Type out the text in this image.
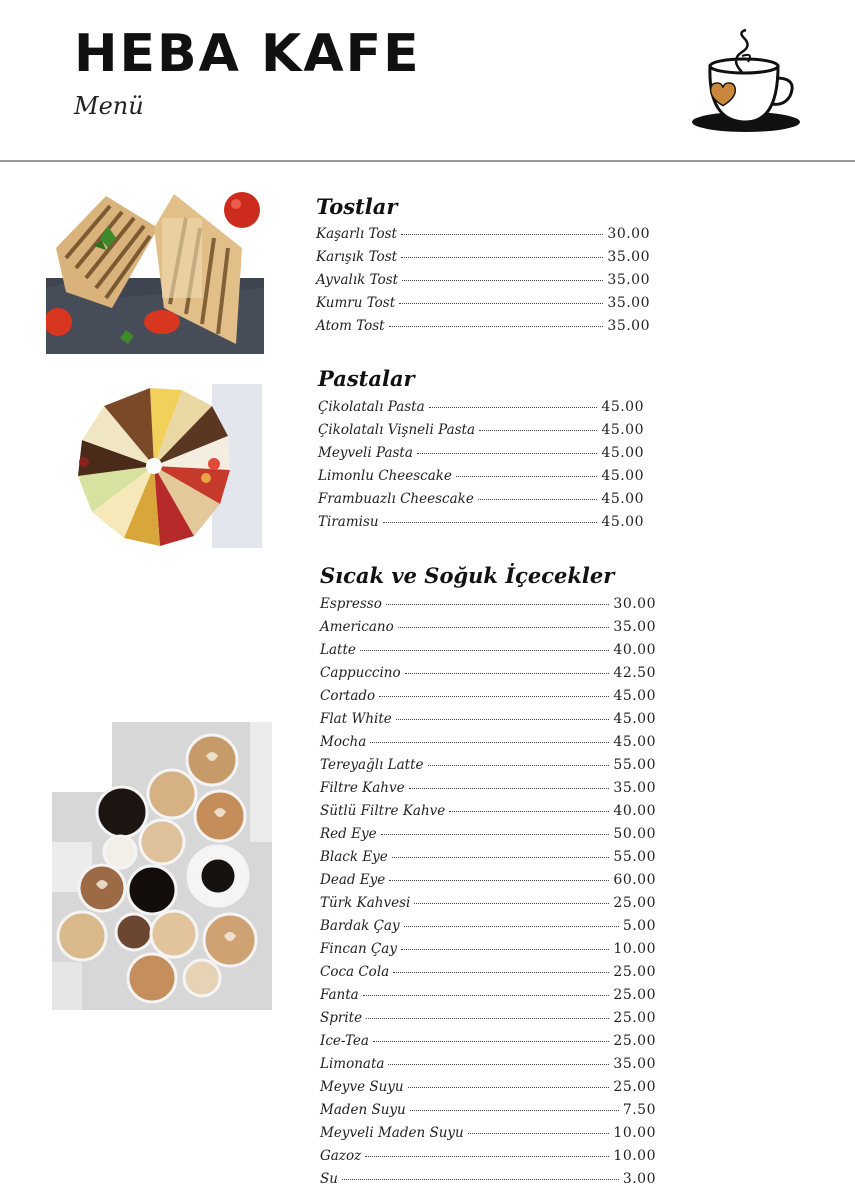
HEBA KAFE
Menü
Tostlar
Kaşarlı Tost	30.00
Karışık Tost	35.00
Ayvalık Tost	35.00
Kumru Tost	35.00
Atom Tost	35.00
Pastalar
Çikolatalı Pasta	45.00
Çikolatalı Vişneli Pasta	45.00
Meyveli Pasta	45.00
Limonlu Cheescake	45.00
Frambuazlı Cheescake	45.00
Tiramisu	45.00
Sıcak ve Soğuk İçecekler
Espresso	30.00
Americano	35.00
Latte	40.00
Cappuccino	42.50
Cortado	45.00
Flat White	45.00
Mocha	45.00
Tereyağlı Latte	55.00
Filtre Kahve	35.00
Sütlü Filtre Kahve	40.00
Red Eye	50.00
Black Eye	55.00
Dead Eye	60.00
Türk Kahvesi	25.00
Bardak Çay	5.00
Fincan Çay	10.00
Coca Cola	25.00
Fanta	25.00
Sprite	25.00
Ice-Tea	25.00
Limonata	35.00
Meyve Suyu	25.00
Maden Suyu	7.50
Meyveli Maden Suyu	10.00
Gazoz	10.00
Su	3.00
